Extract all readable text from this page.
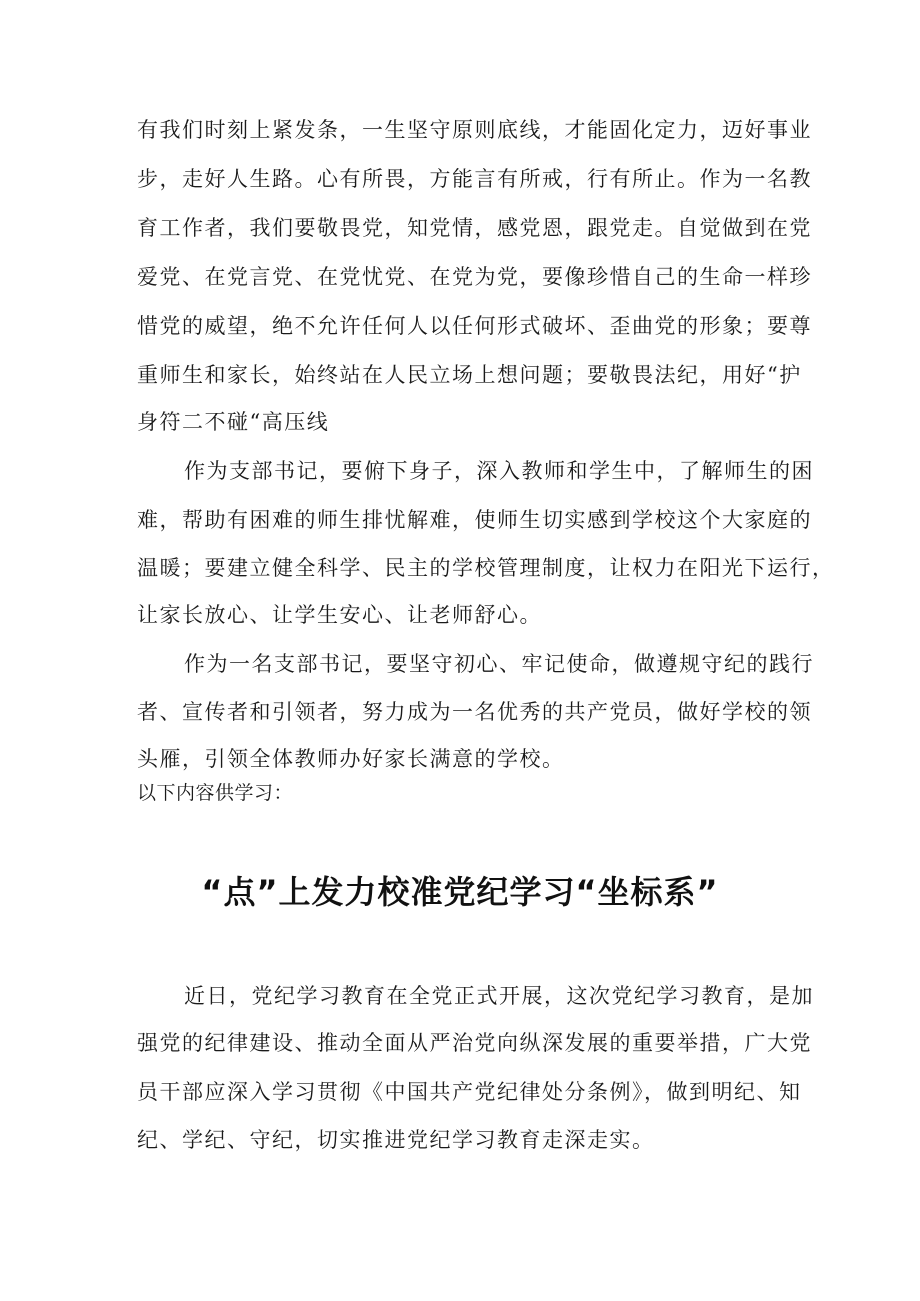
有我们时刻上紧发条，一生坚守原则底线，才能固化定力，迈好事业

步，走好人生路。心有所畏，方能言有所戒，行有所止。作为一名教

育工作者，我们要敬畏党，知党情，感党恩，跟党走。自觉做到在党

爱党、在党言党、在党忧党、在党为党，要像珍惜自己的生命一样珍

惜党的威望，绝不允许任何人以任何形式破坏、歪曲党的形象；要尊

重师生和家长，始终站在人民立场上想问题；要敬畏法纪，用好“护

身符二不碰“高压线

作为支部书记，要俯下身子，深入教师和学生中，了解师生的困

难，帮助有困难的师生排忧解难，使师生切实感到学校这个大家庭的

温暖；要建立健全科学、民主的学校管理制度，让权力在阳光下运行，

让家长放心、让学生安心、让老师舒心。

作为一名支部书记，要坚守初心、牢记使命，做遵规守纪的践行

者、宣传者和引领者，努力成为一名优秀的共产党员，做好学校的领

头雁，引领全体教师办好家长满意的学校。

以下内容供学习：

“点”上发力校准党纪学习“坐标系”

近日，党纪学习教育在全党正式开展，这次党纪学习教育，是加

强党的纪律建设、推动全面从严治党向纵深发展的重要举措，广大党

员干部应深入学习贯彻《中国共产党纪律处分条例》，做到明纪、知

纪、学纪、守纪，切实推进党纪学习教育走深走实。
